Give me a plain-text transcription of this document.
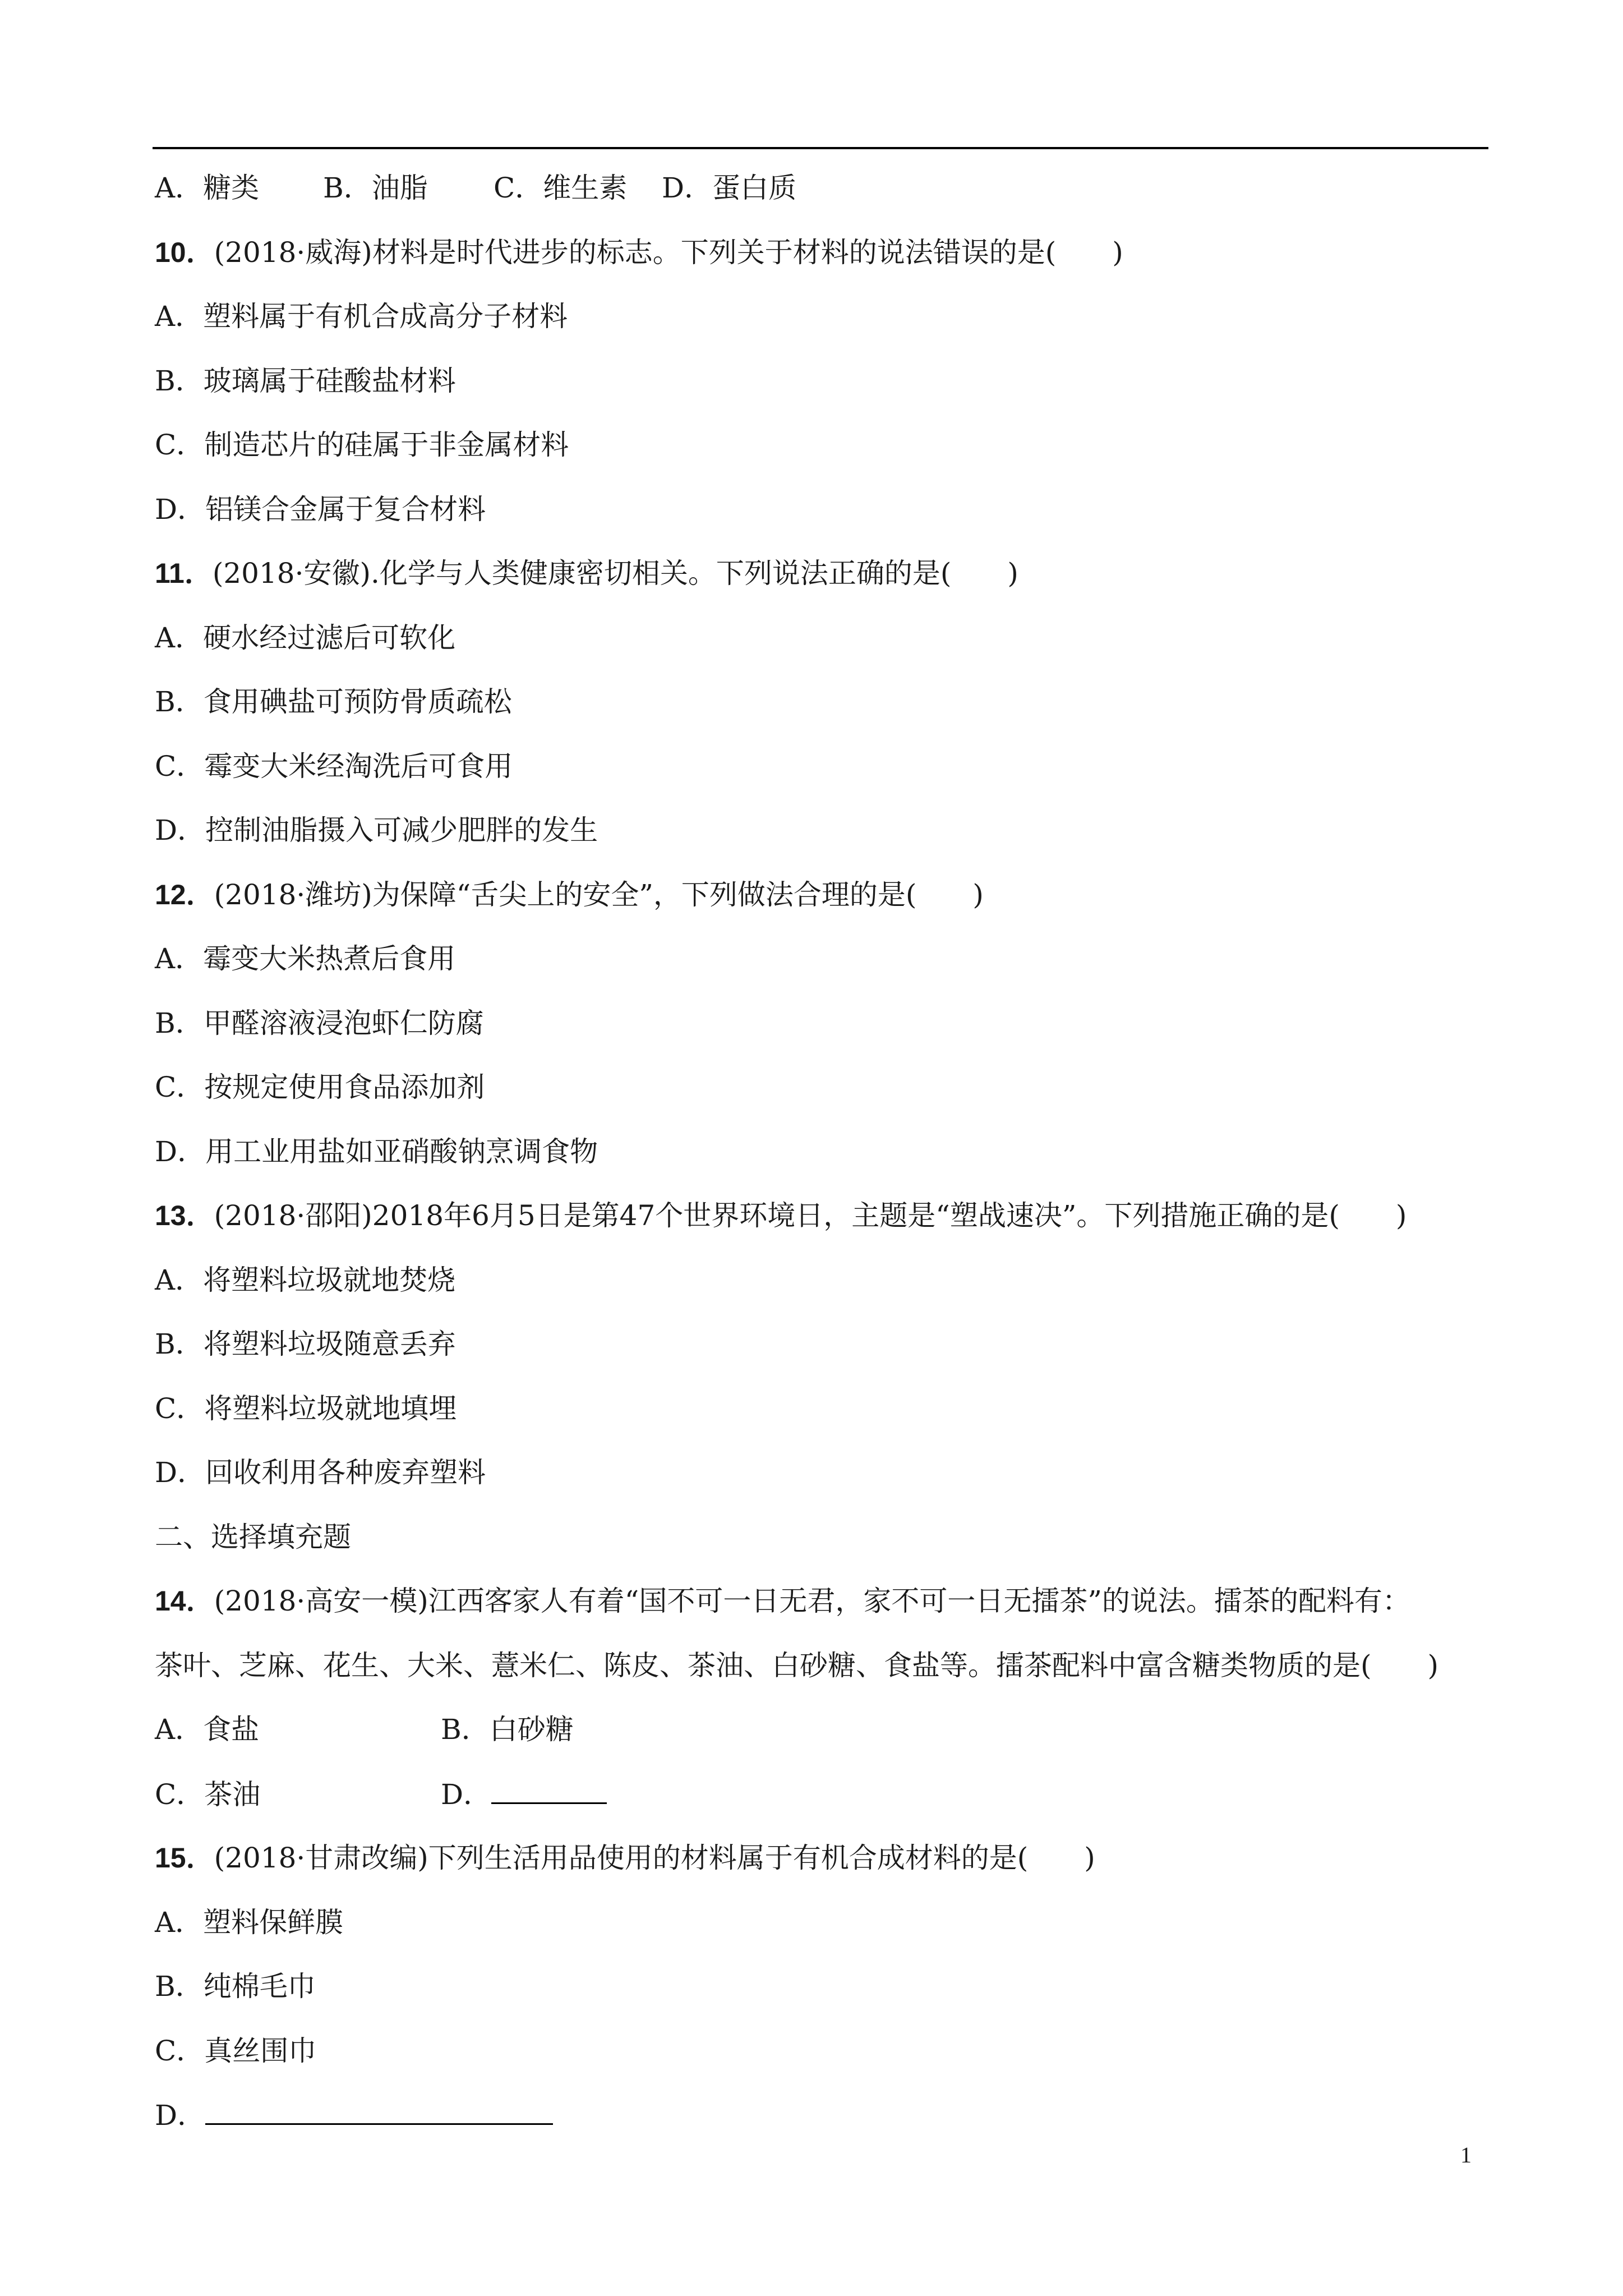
A．糖类 B．油脂 C．维生素 D．蛋白质
10．(2018·威海)材料是时代进步的标志。下列关于材料的说法错误的是(　　)
A．塑料属于有机合成高分子材料
B．玻璃属于硅酸盐材料
C．制造芯片的硅属于非金属材料
D．铝镁合金属于复合材料
11．(2018·安徽).化学与人类健康密切相关。下列说法正确的是(　　)
A．硬水经过滤后可软化
B．食用碘盐可预防骨质疏松
C．霉变大米经淘洗后可食用
D．控制油脂摄入可减少肥胖的发生
12．(2018·潍坊)为保障“舌尖上的安全”，下列做法合理的是(　　)
A．霉变大米热煮后食用
B．甲醛溶液浸泡虾仁防腐
C．按规定使用食品添加剂
D．用工业用盐如亚硝酸钠烹调食物
13．(2018·邵阳)2018年6月5日是第47个世界环境日，主题是“塑战速决”。下列措施正确的是(　　)
A．将塑料垃圾就地焚烧
B．将塑料垃圾随意丢弃
C．将塑料垃圾就地填埋
D．回收利用各种废弃塑料
二、选择填充题
14．(2018·高安一模)江西客家人有着“国不可一日无君，家不可一日无擂茶”的说法。擂茶的配料有：
茶叶、芝麻、花生、大米、薏米仁、陈皮、茶油、白砂糖、食盐等。擂茶配料中富含糖类物质的是(　　)
A．食盐	B．白砂糖
C．茶油	D．
15．(2018·甘肃改编)下列生活用品使用的材料属于有机合成材料的是(　　)
A．塑料保鲜膜
B．纯棉毛巾
C．真丝围巾
D．
1
